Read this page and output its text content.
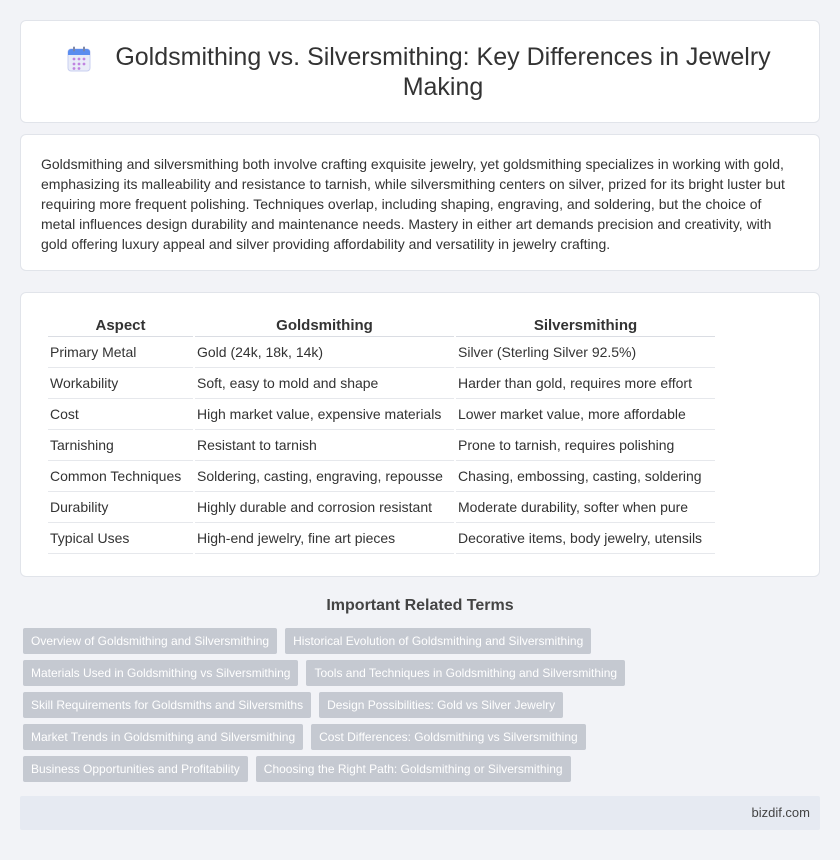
Goldsmithing vs. Silversmithing: Key Differences in Jewelry Making

Goldsmithing and silversmithing both involve crafting exquisite jewelry, yet goldsmithing specializes in working with gold, emphasizing its malleability and resistance to tarnish, while silversmithing centers on silver, prized for its bright luster but requiring more frequent polishing. Techniques overlap, including shaping, engraving, and soldering, but the choice of metal influences design durability and maintenance needs. Mastery in either art demands precision and creativity, with gold offering luxury appeal and silver providing affordability and versatility in jewelry crafting.

Aspect	Goldsmithing	Silversmithing
Primary Metal	Gold (24k, 18k, 14k)	Silver (Sterling Silver 92.5%)
Workability	Soft, easy to mold and shape	Harder than gold, requires more effort
Cost	High market value, expensive materials	Lower market value, more affordable
Tarnishing	Resistant to tarnish	Prone to tarnish, requires polishing
Common Techniques	Soldering, casting, engraving, repousse	Chasing, embossing, casting, soldering
Durability	Highly durable and corrosion resistant	Moderate durability, softer when pure
Typical Uses	High-end jewelry, fine art pieces	Decorative items, body jewelry, utensils
Important Related Terms
Overview of Goldsmithing and Silversmithing	Historical Evolution of Goldsmithing and Silversmithing
Materials Used in Goldsmithing vs Silversmithing	Tools and Techniques in Goldsmithing and Silversmithing
Skill Requirements for Goldsmiths and Silversmiths	Design Possibilities: Gold vs Silver Jewelry
Market Trends in Goldsmithing and Silversmithing	Cost Differences: Goldsmithing vs Silversmithing
Business Opportunities and Profitability	Choosing the Right Path: Goldsmithing or Silversmithing
bizdif.com
